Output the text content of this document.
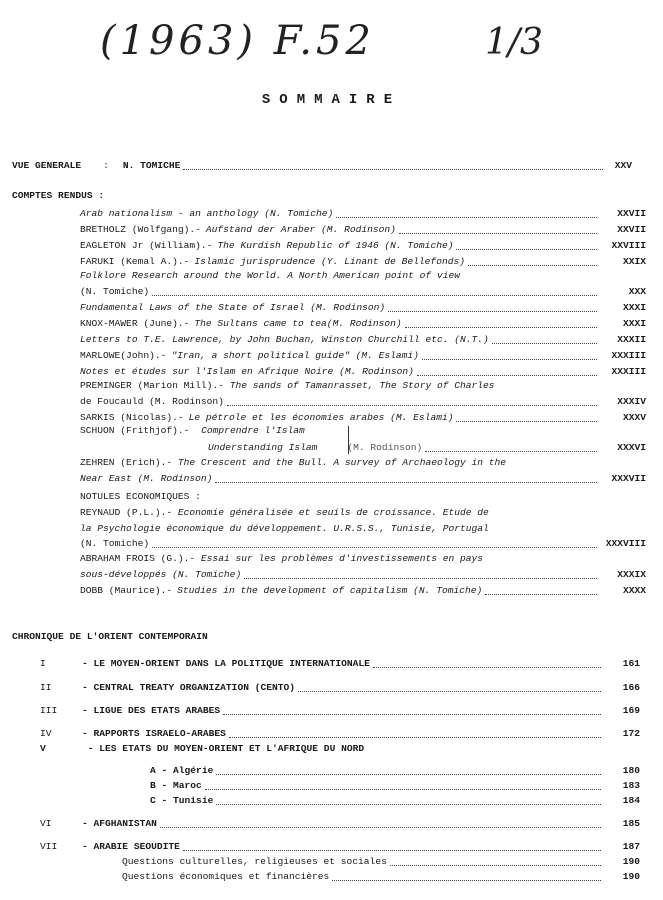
(1963) F.52	1/3
SOMMAIRE
VUE GENERALE : N. TOMICHE	XXV
COMPTES RENDUS :
Arab nationalism - an anthology (N. Tomiche)	XXVII
BRETHOLZ (Wolfgang).- Aufstand der Araber (M. Rodinson)	XXVII
EAGLETON Jr (William).- The Kurdish Republic of 1946 (N. Tomiche)	XXVIII
FARUKI (Kemal A.).- Islamic jurisprudence (Y. Linant de Bellefonds)	XXIX
Folklore Research around the World. A North American point of view
(N. Tomiche)	XXX
Fundamental Laws of the State of Israel (M. Rodinson)	XXXI
KNOX-MAWER (June).- The Sultans came to tea(M. Rodinson)	XXXI
Letters to T.E. Lawrence, by John Buchan, Winston Churchill etc. (N.T.)	XXXII
MARLOWE(John).- "Iran, a short political guide" (M. Eslami)	XXXIII
Notes et études sur l'Islam en Afrique Noire (M. Rodinson)	XXXIII
PREMINGER (Marion Mill).- The sands of Tamanrasset, The Story of Charles
de Foucauld (M. Rodinson)	XXXIV
SARKIS (Nicolas).- Le pétrole et les économies arabes (M. Eslami)	XXXV
SCHUON (Frithjof).- Comprendre l'Islam
Understanding Islam	(M. Rodinson)	XXXVI
ZEHREN (Erich).- The Crescent and the Bull. A survey of Archaeology in the
Near East (M. Rodinson)	XXXVII
NOTULES ECONOMIQUES :
REYNAUD (P.L.).- Economie généralisée et seuils de croissance. Etude de
la Psychologie économique du développement. U.R.S.S., Tunisie, Portugal
(N. Tomiche)	XXXVIII
ABRAHAM FROIS (G.).- Essai sur les problèmes d'investissements en pays
sous-développés (N. Tomiche)	XXXIX
DOBB (Maurice).- Studies in the development of capitalism (N. Tomiche)	XXXX
CHRONIQUE DE L'ORIENT CONTEMPORAIN
I	- LE MOYEN-ORIENT DANS LA POLITIQUE INTERNATIONALE	161
II	- CENTRAL TREATY ORGANIZATION (CENTO)	166
III	- LIGUE DES ETATS ARABES	169
IV	- RAPPORTS ISRAELO-ARABES	172
V	- LES ETATS DU MOYEN-ORIENT ET L'AFRIQUE DU NORD
A - Algérie	180
B - Maroc	183
C - Tunisie	184
VI	- AFGHANISTAN	185
VII	- ARABIE SEOUDITE	187
Questions culturelles, religieuses et sociales	190
Questions économiques et financières	190
